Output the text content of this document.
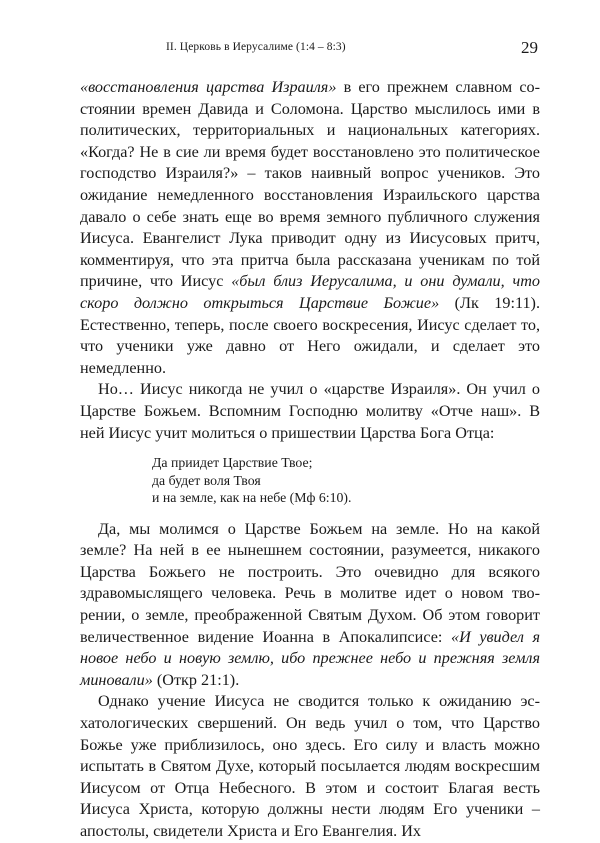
II. Церковь в Иерусалиме (1:4 – 8:3)	29

«восстановления царства Израиля» в его прежнем славном состоянии времен Давида и Соломона. Царство мыслилось ими в политических, территориальных и национальных категориях. «Когда? Не в сие ли время будет восстановлено это политическое господство Израиля?» – таков наивный вопрос учеников. Это ожидание немедленного восстановления Израильского царства давало о себе знать еще во время земного публичного служения Иисуса. Евангелист Лука приводит одну из Иисусовых притч, комментируя, что эта притча была рассказана ученикам по той причине, что Иисус «был близ Иерусалима, и они думали, что скоро должно открыться Царствие Божие» (Лк 19:11). Естественно, теперь, после своего воскресения, Иисус сделает то, что ученики уже давно от Него ожидали, и сделает это немедленно.

Но… Иисус никогда не учил о «царстве Израиля». Он учил о Царстве Божьем. Вспомним Господню молитву «Отче наш». В ней Иисус учит молиться о пришествии Царства Бога Отца:

Да приидет Царствие Твое;
да будет воля Твоя
и на земле, как на небе (Мф 6:10).

Да, мы молимся о Царстве Божьем на земле. Но на какой земле? На ней в ее нынешнем состоянии, разумеется, никакого Царства Божьего не построить. Это очевидно для всякого здравомыслящего человека. Речь в молитве идет о новом творении, о земле, преображенной Святым Духом. Об этом говорит величественное видение Иоанна в Апокалипсисе: «И увидел я новое небо и новую землю, ибо прежнее небо и прежняя земля миновали» (Откр 21:1).

Однако учение Иисуса не сводится только к ожиданию эсхатологических свершений. Он ведь учил о том, что Царство Божье уже приблизилось, оно здесь. Его силу и власть можно испытать в Святом Духе, который посылается людям воскресшим Иисусом от Отца Небесного. В этом и состоит Благая весть Иисуса Христа, которую должны нести людям Его ученики – апостолы, свидетели Христа и Его Евангелия. Их
